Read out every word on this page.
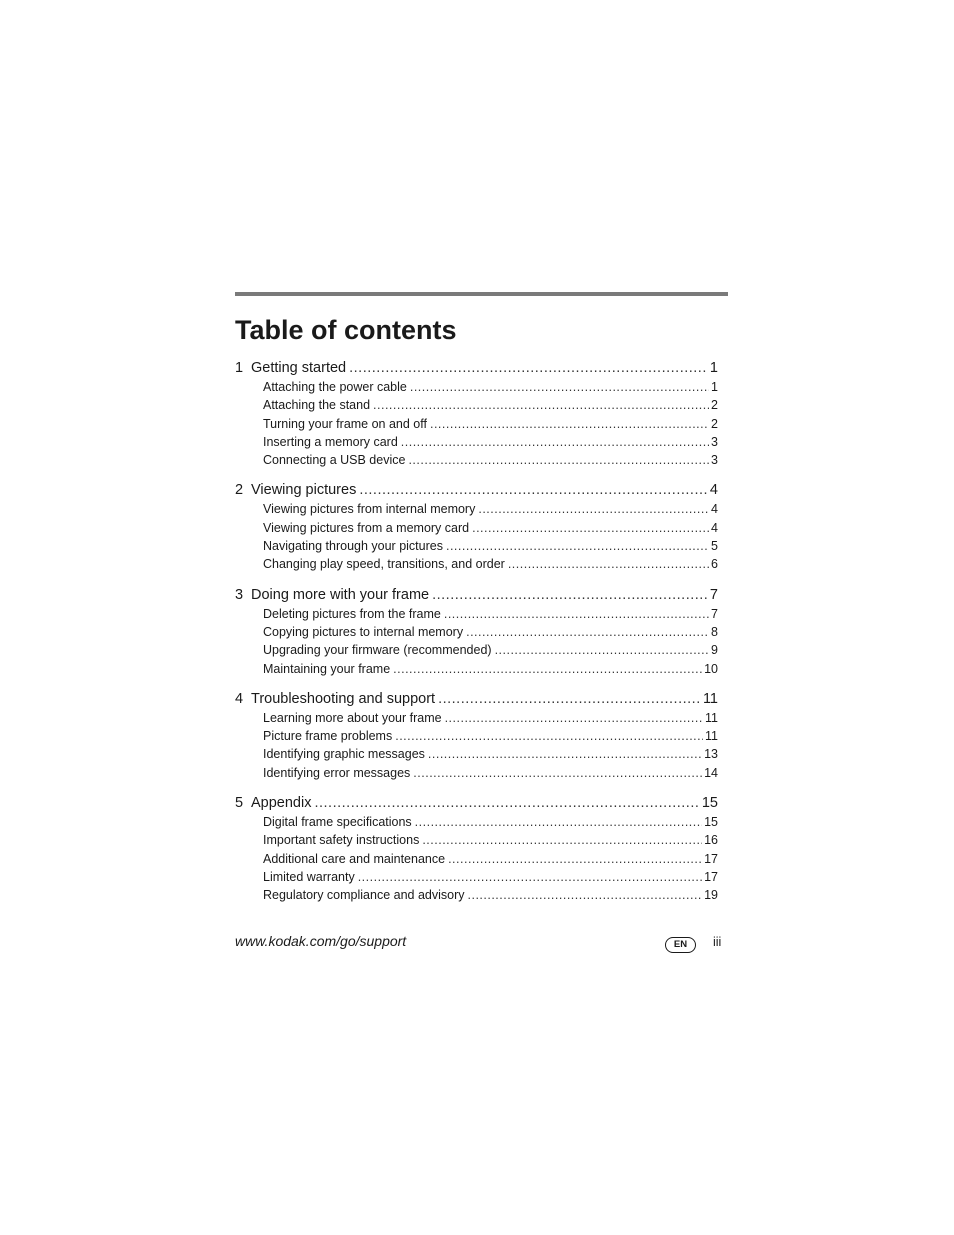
Table of contents
1 Getting started .....	1
Attaching the power cable .....	1
Attaching the stand .....	2
Turning your frame on and off .....	2
Inserting a memory card .....	3
Connecting a USB device .....	3
2 Viewing pictures .....	4
Viewing pictures from internal memory .....	4
Viewing pictures from a memory card .....	4
Navigating through your pictures .....	5
Changing play speed, transitions, and order .....	6
3 Doing more with your frame .....	7
Deleting pictures from the frame .....	7
Copying pictures to internal memory .....	8
Upgrading your firmware (recommended) .....	9
Maintaining your frame .....	10
4 Troubleshooting and support .....	11
Learning more about your frame .....	11
Picture frame problems .....	11
Identifying graphic messages .....	13
Identifying error messages .....	14
5 Appendix .....	15
Digital frame specifications .....	15
Important safety instructions .....	16
Additional care and maintenance .....	17
Limited warranty .....	17
Regulatory compliance and advisory .....	19
www.kodak.com/go/support	EN	iii
